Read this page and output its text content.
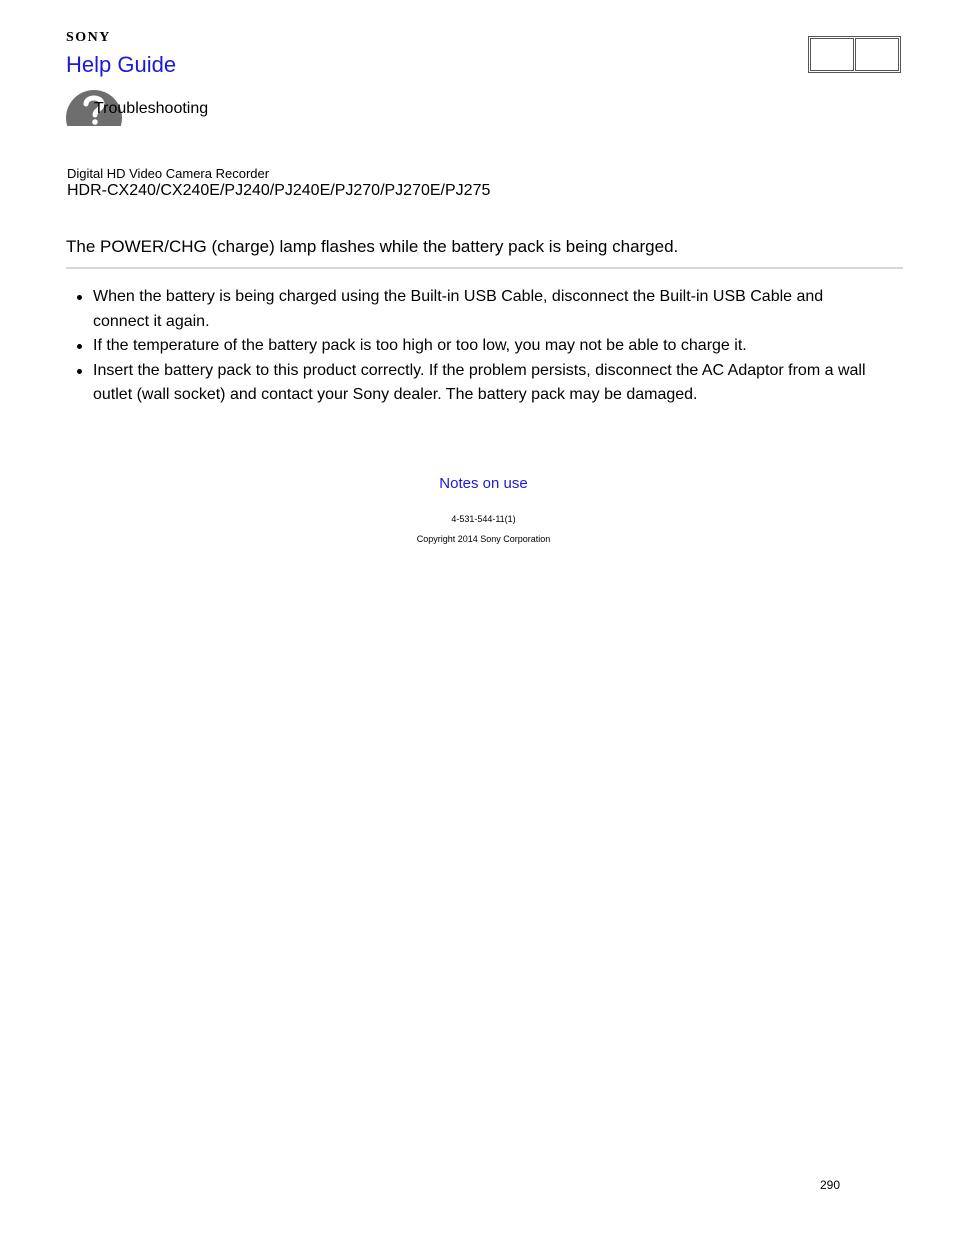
SONY
Help Guide	Back	Top
Troubleshooting
Digital HD Video Camera Recorder
HDR-CX240/CX240E/PJ240/PJ240E/PJ270/PJ270E/PJ275
The POWER/CHG (charge) lamp flashes while the battery pack is being charged.
When the battery is being charged using the Built-in USB Cable, disconnect the Built-in USB Cable and connect it again.
If the temperature of the battery pack is too high or too low, you may not be able to charge it.
Insert the battery pack to this product correctly. If the problem persists, disconnect the AC Adaptor from a wall outlet (wall socket) and contact your Sony dealer. The battery pack may be damaged.
Notes on use
4-531-544-11(1)
Copyright 2014 Sony Corporation
290
